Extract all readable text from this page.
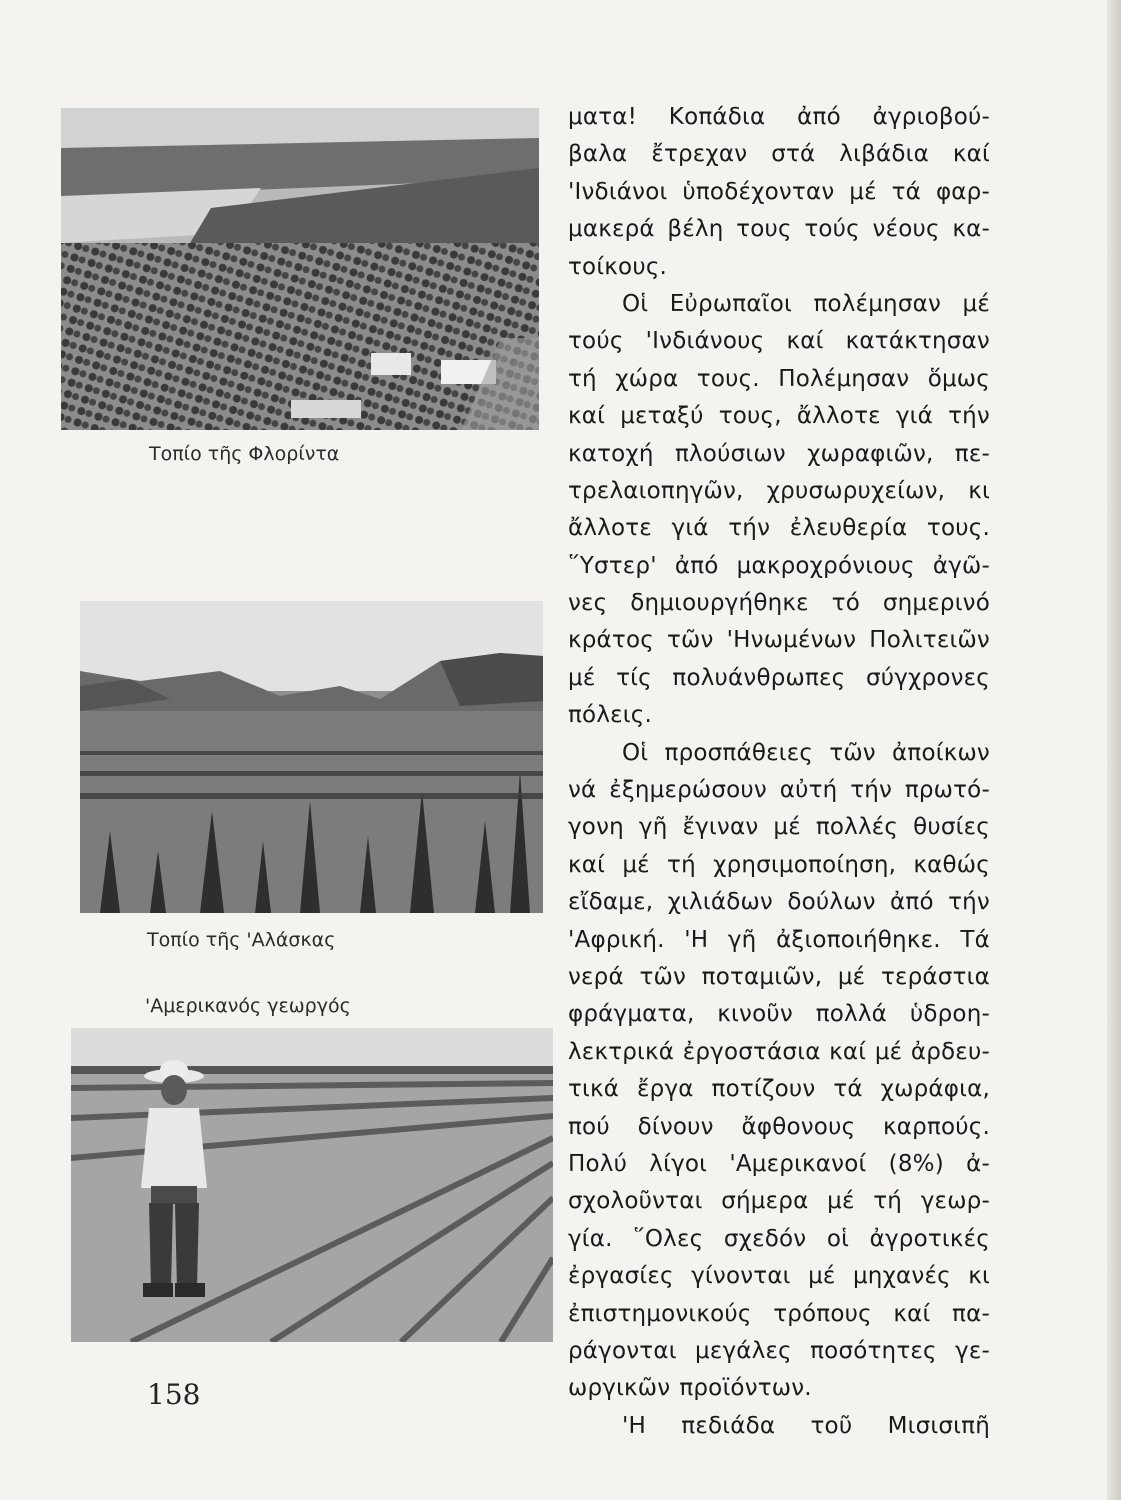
Τοπίο τῆς Φλορίντα
Τοπίο τῆς 'Αλάσκας
'Αμερικανός γεωργός
ματα! Κοπάδια ἀπό ἀγριοβού-
βαλα ἔτρεχαν στά λιβάδια καί
'Ινδιάνοι ὑποδέχονταν μέ τά φαρ-
μακερά βέλη τους τούς νέους κα-
τοίκους.
Οἱ Εὐρωπαῖοι πολέμησαν μέ
τούς 'Ινδιάνους καί κατάκτησαν
τή χώρα τους. Πολέμησαν ὅμως
καί μεταξύ τους, ἄλλοτε γιά τήν
κατοχή πλούσιων χωραφιῶν, πε-
τρελαιοπηγῶν, χρυσωρυχείων, κι
ἄλλοτε γιά τήν ἐλευθερία τους.
῞Υστερ' ἀπό μακροχρόνιους ἀγῶ-
νες δημιουργήθηκε τό σημερινό
κράτος τῶν 'Ηνωμένων Πολιτειῶν
μέ τίς πολυάνθρωπες σύγχρονες
πόλεις.
Οἱ προσπάθειες τῶν ἀποίκων
νά ἐξημερώσουν αὐτή τήν πρωτό-
γονη γῆ ἔγιναν μέ πολλές θυσίες
καί μέ τή χρησιμοποίηση, καθώς
εἴδαμε, χιλιάδων δούλων ἀπό τήν
'Αφρική. 'Η γῆ ἀξιοποιήθηκε. Τά
νερά τῶν ποταμιῶν, μέ τεράστια
φράγματα, κινοῦν πολλά ὑδροη-
λεκτρικά ἐργοστάσια καί μέ ἀρδευ-
τικά ἔργα ποτίζουν τά χωράφια,
πού δίνουν ἄφθονους καρπούς.
Πολύ λίγοι 'Αμερικανοί (8%) ἀ-
σχολοῦνται σήμερα μέ τή γεωρ-
γία. ῞Ολες σχεδόν οἱ ἀγροτικές
ἐργασίες γίνονται μέ μηχανές κι
ἐπιστημονικούς τρόπους καί πα-
ράγονται μεγάλες ποσότητες γε-
ωργικῶν προϊόντων.
'Η πεδιάδα τοῦ Μισισιπῆ
158
